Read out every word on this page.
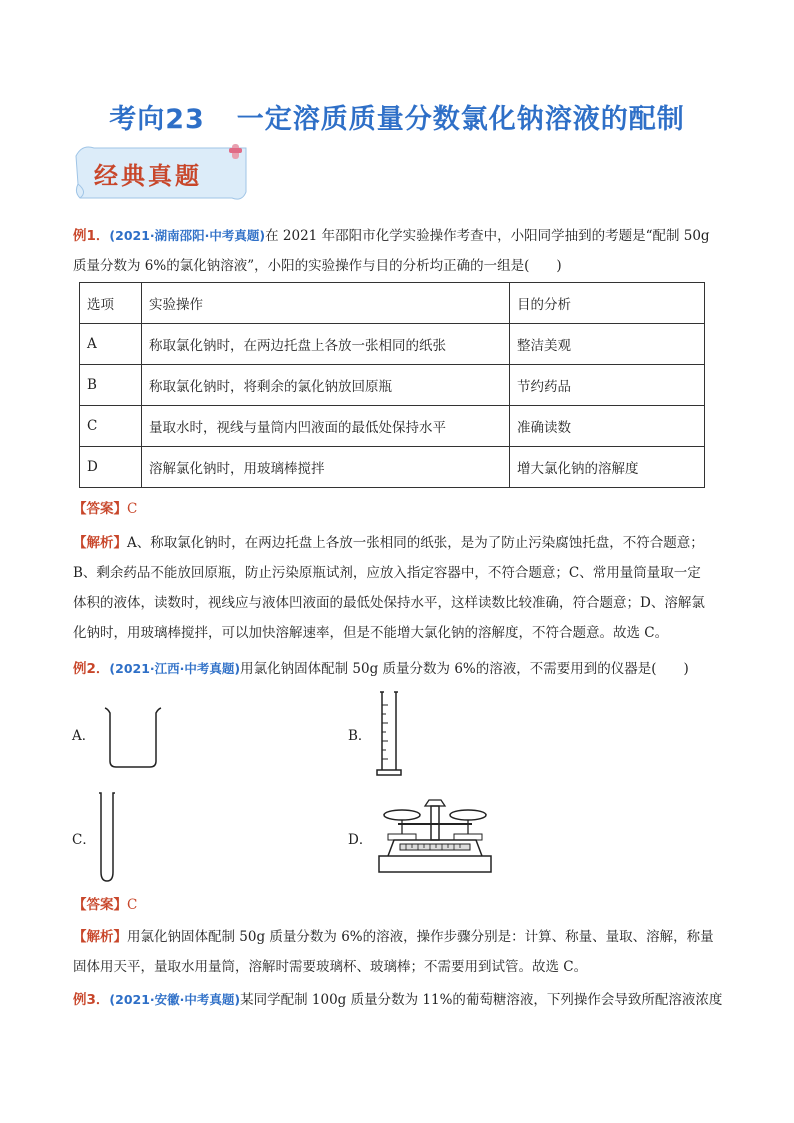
考向23 一定溶质质量分数氯化钠溶液的配制
经典真题
例1．(2021·湖南邵阳·中考真题)在 2021 年邵阳市化学实验操作考查中，小阳同学抽到的考题是“配制 50g
质量分数为 6%的氯化钠溶液”，小阳的实验操作与目的分析均正确的一组是(　　)
选项	实验操作	目的分析
A	称取氯化钠时，在两边托盘上各放一张相同的纸张	整洁美观
B	称取氯化钠时，将剩余的氯化钠放回原瓶	节约药品
C	量取水时，视线与量筒内凹液面的最低处保持水平	准确读数
D	溶解氯化钠时，用玻璃棒搅拌	增大氯化钠的溶解度
【答案】C
【解析】A、称取氯化钠时，在两边托盘上各放一张相同的纸张，是为了防止污染腐蚀托盘，不符合题意；
B、剩余药品不能放回原瓶，防止污染原瓶试剂，应放入指定容器中，不符合题意；C、常用量筒量取一定
体积的液体，读数时，视线应与液体凹液面的最低处保持水平，这样读数比较准确，符合题意；D、溶解氯
化钠时，用玻璃棒搅拌，可以加快溶解速率，但是不能增大氯化钠的溶解度，不符合题意。故选 C。
例2．(2021·江西·中考真题)用氯化钠固体配制 50g 质量分数为 6%的溶液，不需要用到的仪器是(　　)
A．	B．
C．	D．
【答案】C
【解析】用氯化钠固体配制 50g 质量分数为 6%的溶液，操作步骤分别是：计算、称量、量取、溶解，称量
固体用天平，量取水用量筒，溶解时需要玻璃杯、玻璃棒；不需要用到试管。故选 C。
例3．(2021·安徽·中考真题)某同学配制 100g 质量分数为 11%的葡萄糖溶液，下列操作会导致所配溶液浓度
